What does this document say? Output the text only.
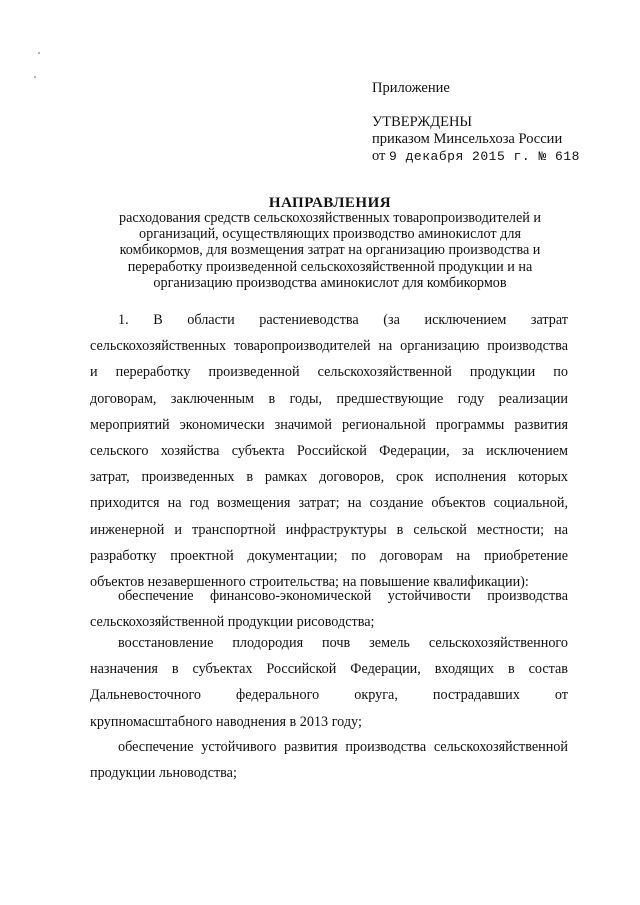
Приложение
УТВЕРЖДЕНЫ
приказом Минсельхоза России
от 9 декабря 2015 г. № 618
НАПРАВЛЕНИЯ
расходования средств сельскохозяйственных товаропроизводителей и
организаций, осуществляющих производство аминокислот для
комбикормов, для возмещения затрат на организацию производства и
переработку произведенной сельскохозяйственной продукции и на
организацию производства аминокислот для комбикормов
1. В области растениеводства (за исключением затрат
сельскохозяйственных товаропроизводителей на организацию производства
и переработку произведенной сельскохозяйственной продукции по
договорам, заключенным в годы, предшествующие году реализации
мероприятий экономически значимой региональной программы развития
сельского хозяйства субъекта Российской Федерации, за исключением
затрат, произведенных в рамках договоров, срок исполнения которых
приходится на год возмещения затрат; на создание объектов социальной,
инженерной и транспортной инфраструктуры в сельской местности; на
разработку проектной документации; по договорам на приобретение
объектов незавершенного строительства; на повышение квалификации):
обеспечение финансово-экономической устойчивости производства
сельскохозяйственной продукции рисоводства;
восстановление плодородия почв земель сельскохозяйственного
назначения в субъектах Российской Федерации, входящих в состав
Дальневосточного федерального округа, пострадавших от
крупномасштабного наводнения в 2013 году;
обеспечение устойчивого развития производства сельскохозяйственной
продукции льноводства;
